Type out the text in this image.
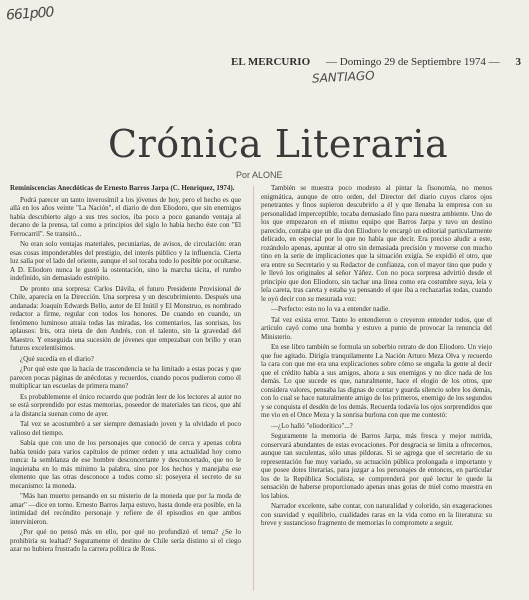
661p00
EL MERCURIO — Domingo 29 de Septiembre 1974 — 3
SANTIAGO
Crónica Literaria
Por ALONE

Reminiscencias Anecdóticas de Ernesto Barros Jarpa (C. Henríquez, 1974).

Podrá parecer un tanto inverosímil a los jóvenes de hoy, pero el hecho es que allá en los años veinte "La Nación", el diario de don Eliodoro, que sin enemigos había descubierto algo a sus tres socios, iba poco a poco ganando ventaja al decano de la prensa, tal como a principios del siglo lo había hecho éste con "El Ferrocarril". Se transitó...

No eran solo ventajas materiales, pecuniarias, de avisos, de circulación: eran esas cosas imponderables del prestigio, del interés público y la influencia. Cierta luz salía por el lado del oriente, aunque el sol tocaba todo lo posible por ocultarse. A D. Eliodoro nunca le gustó la ostentación, sino la marcha tácita, el rumbo indefinido, sin demasiado estrépito.

De pronto una sorpresa: Carlos Dávila, el futuro Presidente Provisional de Chile, aparecía en la Dirección. Una sorpresa y un descubrimiento. Después una andanada: Joaquín Edwards Bello, autor de El Inútil y El Monstruo, es nombrado redactor a firme, regular con todos los honores. De cuando en cuando, un fenómeno luminoso atraía todas las miradas, los comentarios, las sonrisas, los aplausos: Iris, otra nieta de don Andrés, con el talento, sin la gravedad del Maestro. Y enseguida una sucesión de jóvenes que empezaban con brillo y eran futuros excelentísimos.

¿Qué sucedía en el diario?

¿Por qué este que la hacía de trascendencia se ha limitado a estas pocas y que parecen pocas páginas de anécdotas y recuerdos, cuando pocos pudieron como él multiplicar tan escuelas de primera mano?

Es probablemente el único recuerdo que podrán leer de los lectores al autor no se está sorprendido por estas memorias, poseedor de materiales tan ricos, que ahí a la distancia suenan como de ayer.

Tal vez se acostumbró a ser siempre demasiado joven y la olvidado el poco valioso del tiempo.

Sabía que con uno de los personajes que conoció de cerca y apenas cobra había tenido para varios capítulos de primer orden y una actualidad hoy como nunca: la semblanza de ese hombre desconcertante y desconcertado, que no le inquietaba en lo más mínimo la palabra, sino por los hechos y manejaba ese elemento que las otras desconoce a todos como sí: poseyera el secreto de su mecanismo: la moneda.

"Más han muerto pensando en su misterio de la moneda que por la moda de amar" —dice en torno. Ernesto Barros Jarpa estuvo, hasta donde era posible, en la intimidad del recóndito personaje y refiere de él episodios en que ambos intervinieron.

¿Por qué no pensó más en ello, por qué no profundizó el tema? ¿Se lo prohibiría su lealtad? Seguramente el destino de Chile sería distinto si el ciego azar no hubiera frustrado la carrera política de Ross.

También se muestra poco modesto al pintar la fisonomía, no menos enigmática, aunque de otro orden, del Director del diario cuyos claros ojos penetrantes y finos supieron descubrirlo a él y que llenaba la empresa con su personalidad imperceptible, tocaba demasiado fino para nuestra ambiente. Uno de los que empezaron en el mismo equipo que Barros Jarpa y tuvo un destino parecido, contaba que un día don Eliodoro le encargó un editorial particularmente delicado, en especial por lo que no había que decir. Era preciso aludir a este, rozándolo apenas, apuntar al otro sin demasiada precisión y moverse con mucho tino en la serie de implicaciones que la situación exigía. Se expidió el otro, que era entre su Secretario y su Redactor de confianza, con el mayor tino que pudo y le llevó los originales al señor Yáñez. Con no poca sorpresa advirtió desde el principio que don Eliodoro, sin tachar una línea como era costumbre suya, leía y leía careta, tras careta y estaba ya pensando el que iba a rechazarlas todas, cuando le oyó decir con su mesurada voz:

—Perfecto: esto no lo va a entender nadie.

Tal vez exista error. Tanto lo entendieron o creyeron entender todos, que el artículo cayó como una bomba y estuvo a punto de provocar la renuncia del Ministerio.

En ese libro también se formula un soberbio retrato de don Eliodoro. Un viejo que fue agitado. Dirigía tranquilamente La Nación Arturo Meza Olva y recuerdo la cara con que me era una explicaciones sobre cómo se engaña la gente al decir que el crédito había a sus amigos, ahora a sus enemigos y no dice nada de los demás. Lo que sucede es que, naturalmente, hace el elogio de los otros, que considera valores, pensaba las dignas de contar y guarda silencio sobre los demás, con lo cual se hace naturalmente amigo de los primeros, enemigo de los segundos y se conquista el desdén de los demás. Recuerda todavía los ojos sorprendidos que me vio en el Once Meza y la sonrisa burlona con que me contestó:

—¿Lo halló "eliodorítico"...?

Seguramente la memoria de Barros Jarpa, más fresca y mejor nutrida, conservará abundantes de estas evocaciones. Por desgracia se limita a ofrecernos, aunque tan suculentas, sólo unas pildoras. Si se agrega que el secretario de su representación fue muy variado, su actuación pública prolongada e importante y que posee dotes literarias, para juzgar a los personajes de entonces, en particular los de la República Socialista, se comprenderá por qué lectur le quede la sensación de haberse proporcionado apenas unas gotas de miel como muestra en los labios.

Narrador excelente, sabe contar, con naturalidad y colorido, sin exageraciones con suavidad y equilibrio, cualidades raras en la vida como en la literatura: su breve y sustancioso fragmento de memorias lo compromete a seguir.
